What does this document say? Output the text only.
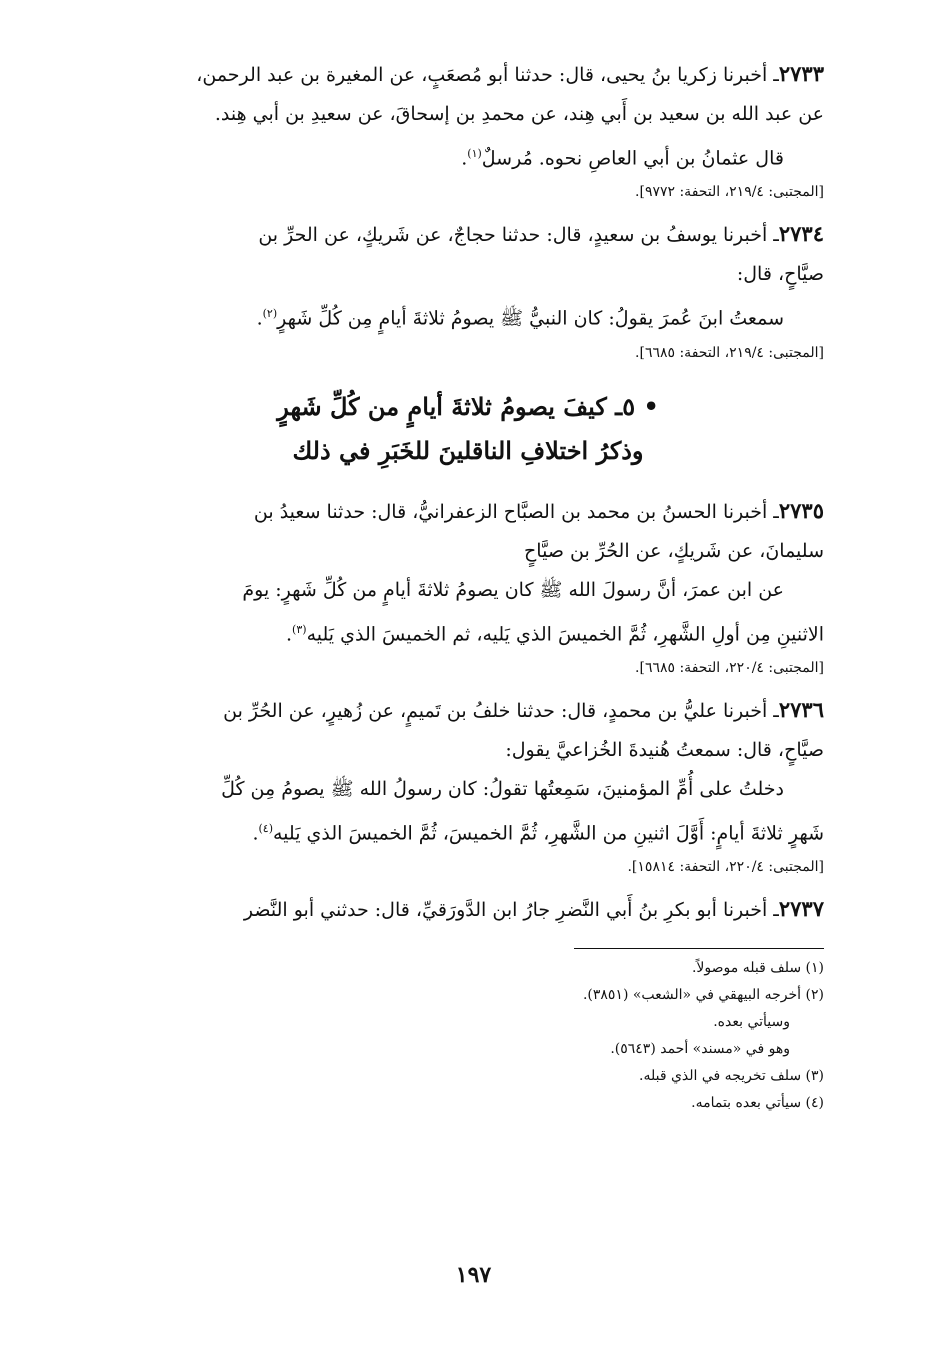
٢٧٣٣ـ أخبرنا زكريا بنُ يحيى، قال: حدثنا أبو مُصعَبٍ، عن المغيرة بن عبد الرحمن،
عن عبد الله بن سعيد بن أَبي هِند، عن محمدِ بن إسحاقَ، عن سعيدِ بن أبي هِند.
قال عثمانُ بن أبي العاصِ نحوه. مُرسلٌ$^{(١)}$.
[المجتبى: ٢١٩/٤، التحفة: ٩٧٧٢].
٢٧٣٤ـ أخبرنا يوسفُ بن سعيدٍ، قال: حدثنا حجاجٌ، عن شَريكٍ، عن الحرِّ بن
صيَّاحٍ، قال:
سمعتُ ابنَ عُمرَ يقولُ: كان النبيُّ ﷺ يصومُ ثلاثةَ أيامٍ مِن كُلِّ شَهرٍ$^{(٢)}$.
[المجتبى: ٢١٩/٤، التحفة: ٦٦٨٥].
• ٥ـ كيفَ يصومُ ثلاثةَ أيامٍ من كُلِّ شَهرٍ
وذكرُ اختلافِ الناقلينَ للخَبَرِ في ذلك
٢٧٣٥ـ أخبرنا الحسنُ بن محمد بن الصبَّاح الزعفرانيُّ، قال: حدثنا سعيدُ بن
سليمانَ، عن شَريكٍ، عن الحُرِّ بن صيَّاحٍ
عن ابن عمرَ، أنَّ رسولَ الله ﷺ كان يصومُ ثلاثةَ أيامٍ من كُلِّ شَهرٍ: يومَ
الاثنينِ مِن أولِ الشَّهرِ، ثُمَّ الخميسَ الذي يَليه، ثم الخميسَ الذي يَليه$^{(٣)}$.
[المجتبى: ٢٢٠/٤، التحفة: ٦٦٨٥].
٢٧٣٦ـ أخبرنا عليُّ بن محمدٍ، قال: حدثنا خلفُ بن تَميمٍ، عن زُهيرٍ، عن الحُرِّ بن
صيَّاحٍ، قال: سمعتُ هُنيدةَ الخُزاعيَّ يقول:
دخلتُ على أُمِّ المؤمنينَ، سَمِعتُها تقولُ: كان رسولُ الله ﷺ يصومُ مِن كُلِّ
شَهرٍ ثلاثةَ أيامٍ: أَوَّلَ اثنينِ من الشَّهرِ، ثُمَّ الخميسَ، ثُمَّ الخميسَ الذي يَليه$^{(٤)}$.
[المجتبى: ٢٢٠/٤، التحفة: ١٥٨١٤].
٢٧٣٧ـ أخبرنا أبو بكرِ بنُ أَبي النَّضرِ جارُ ابن الدَّورَقيِّ، قال: حدثني أبو النَّضر
(١) سلف قبله موصولاً.
(٢) أخرجه البيهقي في «الشعب» (٣٨٥١).
وسيأتي بعده.
وهو في «مسند» أحمد (٥٦٤٣).
(٣) سلف تخريجه في الذي قبله.
(٤) سيأتي بعده بتمامه.
١٩٧
